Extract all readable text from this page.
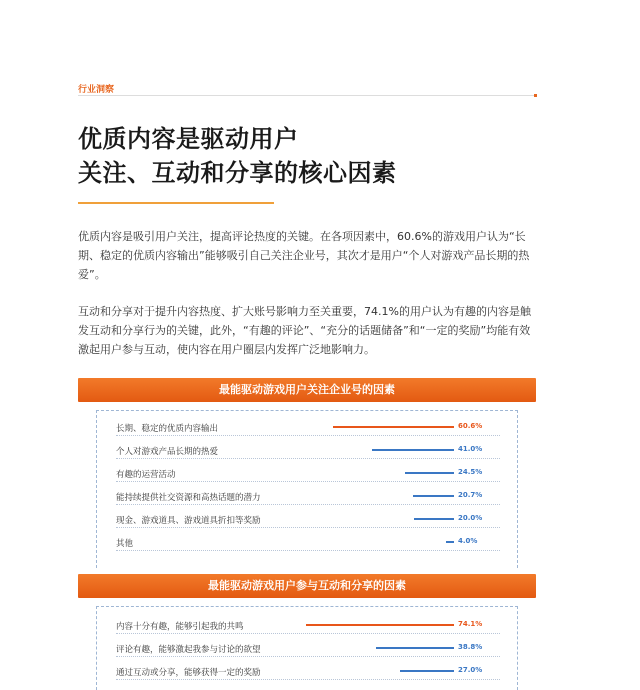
行业洞察
优质内容是驱动用户
关注、互动和分享的核心因素

优质内容是吸引用户关注，提高评论热度的关键。在各项因素中，60.6%的游戏用户认为“长期、稳定的优质内容输出”能够吸引自己关注企业号，其次才是用户“个人对游戏产品长期的热爱”。

互动和分享对于提升内容热度、扩大账号影响力至关重要，74.1%的用户认为有趣的内容是触发互动和分享行为的关键，此外，“有趣的评论”、“充分的话题储备”和“一定的奖励”均能有效激起用户参与互动，使内容在用户圈层内发挥广泛地影响力。

最能驱动游戏用户关注企业号的因素
长期、稳定的优质内容输出	60.6%
个人对游戏产品长期的热爱	41.0%
有趣的运营活动	24.5%
能持续提供社交资源和高热话题的潜力	20.7%
现金、游戏道具、游戏道具折扣等奖励	20.0%
其他	4.0%
最能驱动游戏用户参与互动和分享的因素
内容十分有趣，能够引起我的共鸣	74.1%
评论有趣，能够激起我参与讨论的欲望	38.8%
通过互动或分享，能够获得一定的奖励	27.0%
